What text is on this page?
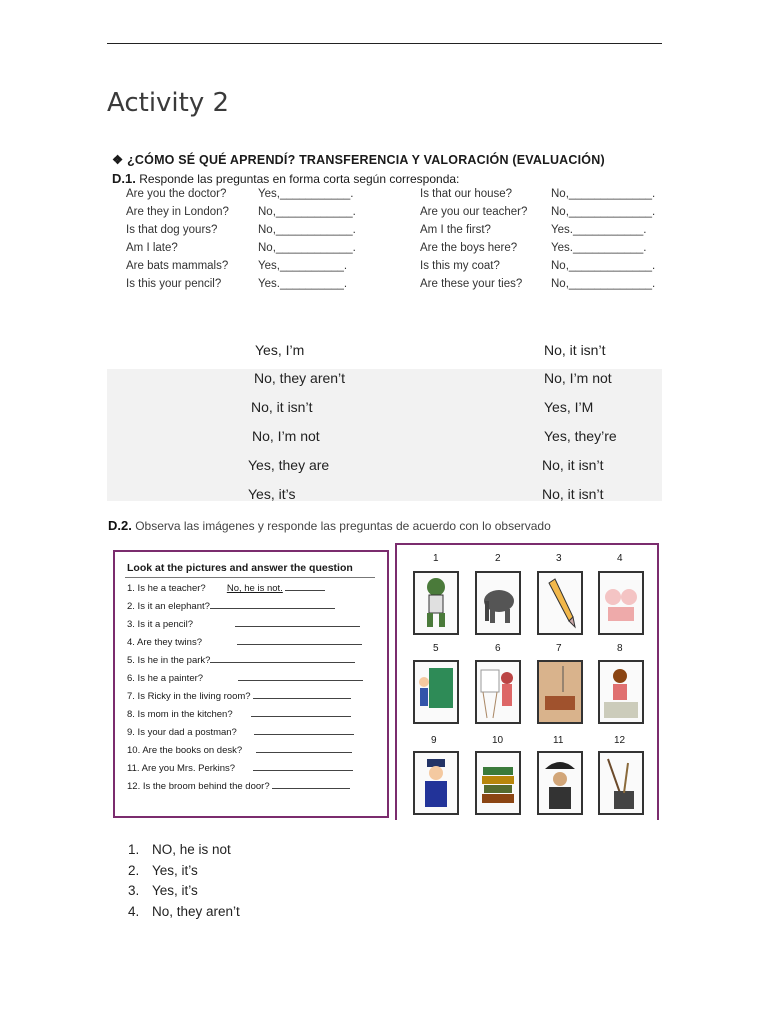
Activity 2
❖ ¿CÓMO SÉ QUÉ APRENDÍ? TRANSFERENCIA Y VALORACIÓN (EVALUACIÓN)
D.1. Responde las preguntas en forma corta según corresponda:
Are you the doctor?	Yes,___________.	Is that our house?	No,_____________.
Are they in London?	No,____________.	Are you our teacher? No,_____________.
Is that dog yours?	No,____________.	Am I the first?	Yes.___________.
Am I late?	No,____________.	Are the boys here?	Yes.___________.
Are bats mammals?	Yes,__________.	Is this my coat?	No,_____________.
Is this your pencil?	Yes.__________.	Are these your ties? No,_____________.
Yes, I’m	No, it isn’t
No, they aren’t	No, I’m not
No, it isn’t	Yes, I’M
No, I’m not	Yes, they’re
Yes, they are	No, it isn’t
Yes, it’s	No, it isn’t
D.2. Observa las imágenes y responde las preguntas de acuerdo con lo observado
Look at the pictures and answer the question
1. Is he a teacher? No, he is not.
2. Is it an elephant?
3. Is it a pencil?
4. Are they twins?
5. Is he in the park?
6. Is he a painter?
7. Is Ricky in the living room?
8. Is mom in the kitchen?
9. Is your dad a postman?
10. Are the books on desk?
11. Are you Mrs. Perkins?
12. Is the broom behind the door?
1	2	3	4
5	6	7	8
9	10	11	12
1. NO, he is not
2. Yes, it’s
3. Yes, it’s
4. No, they aren’t
